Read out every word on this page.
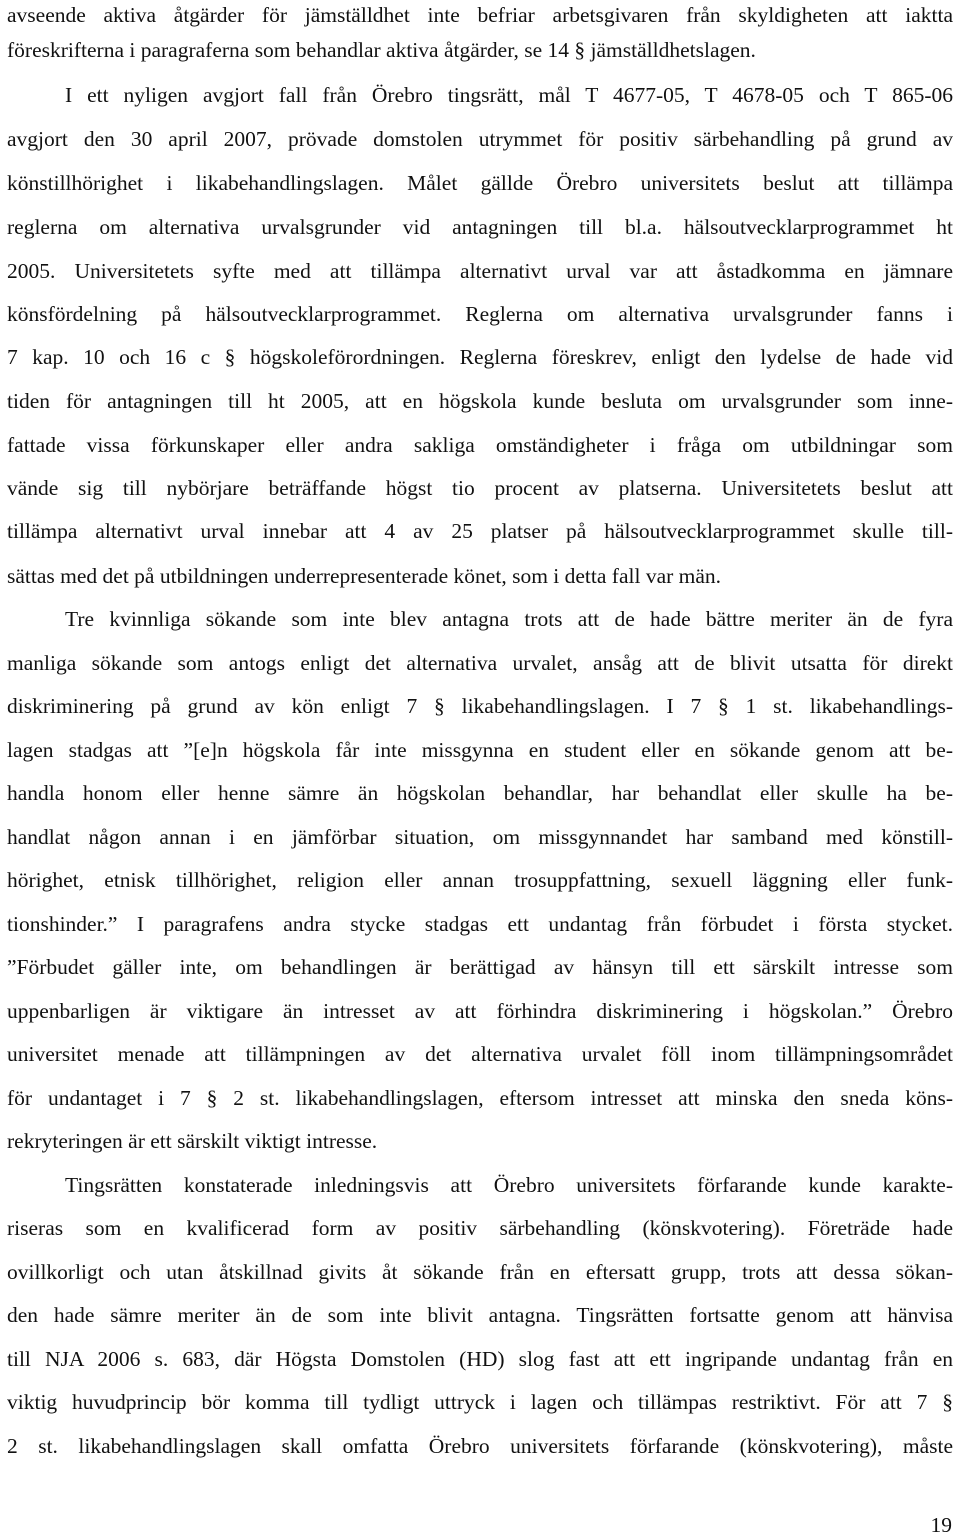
avseende aktiva åtgärder för jämställdhet inte befriar arbetsgivaren från skyldigheten att iaktta

föreskrifterna i paragraferna som behandlar aktiva åtgärder, se 14 § jämställdhetslagen.

I ett nyligen avgjort fall från Örebro tingsrätt, mål T 4677-05, T 4678-05 och T 865-06

avgjort den 30 april 2007, prövade domstolen utrymmet för positiv särbehandling på grund av

könstillhörighet i likabehandlingslagen. Målet gällde Örebro universitets beslut att tillämpa

reglerna om alternativa urvalsgrunder vid antagningen till bl.a. hälsoutvecklarprogrammet ht

2005. Universitetets syfte med att tillämpa alternativt urval var att åstadkomma en jämnare

könsfördelning på hälsoutvecklarprogrammet. Reglerna om alternativa urvalsgrunder fanns i

7 kap. 10 och 16 c § högskoleförordningen. Reglerna föreskrev, enligt den lydelse de hade vid

tiden för antagningen till ht 2005, att en högskola kunde besluta om urvalsgrunder som inne-

fattade vissa förkunskaper eller andra sakliga omständigheter i fråga om utbildningar som

vände sig till nybörjare beträffande högst tio procent av platserna. Universitetets beslut att

tillämpa alternativt urval innebar att 4 av 25 platser på hälsoutvecklarprogrammet skulle till-

sättas med det på utbildningen underrepresenterade könet, som i detta fall var män.

Tre kvinnliga sökande som inte blev antagna trots att de hade bättre meriter än de fyra

manliga sökande som antogs enligt det alternativa urvalet, ansåg att de blivit utsatta för direkt

diskriminering på grund av kön enligt 7 § likabehandlingslagen. I 7 § 1 st. likabehandlings-

lagen stadgas att ”[e]n högskola får inte missgynna en student eller en sökande genom att be-

handla honom eller henne sämre än högskolan behandlar, har behandlat eller skulle ha be-

handlat någon annan i en jämförbar situation, om missgynnandet har samband med könstill-

hörighet, etnisk tillhörighet, religion eller annan trosuppfattning, sexuell läggning eller funk-

tionshinder.” I paragrafens andra stycke stadgas ett undantag från förbudet i första stycket.

”Förbudet gäller inte, om behandlingen är berättigad av hänsyn till ett särskilt intresse som

uppenbarligen är viktigare än intresset av att förhindra diskriminering i högskolan.” Örebro

universitet menade att tillämpningen av det alternativa urvalet föll inom tillämpningsområdet

för undantaget i 7 § 2 st. likabehandlingslagen, eftersom intresset att minska den sneda köns-

rekryteringen är ett särskilt viktigt intresse.

Tingsrätten konstaterade inledningsvis att Örebro universitets förfarande kunde karakte-

riseras som en kvalificerad form av positiv särbehandling (könskvotering). Företräde hade

ovillkorligt och utan åtskillnad givits åt sökande från en eftersatt grupp, trots att dessa sökan-

den hade sämre meriter än de som inte blivit antagna. Tingsrätten fortsatte genom att hänvisa

till NJA 2006 s. 683, där Högsta Domstolen (HD) slog fast att ett ingripande undantag från en

viktig huvudprincip bör komma till tydligt uttryck i lagen och tillämpas restriktivt. För att 7 §

2 st. likabehandlingslagen skall omfatta Örebro universitets förfarande (könskvotering), måste

19
